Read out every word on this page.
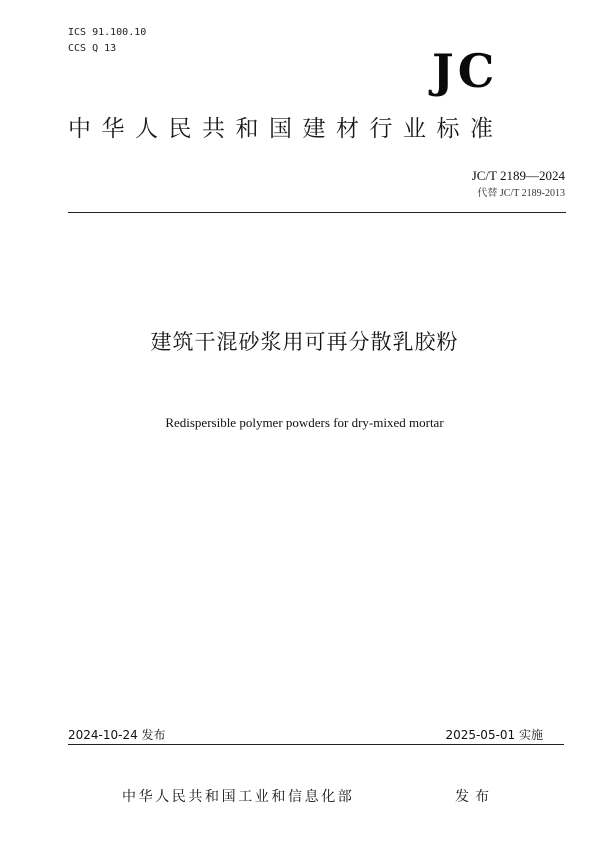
ICS 91.100.10
CCS Q 13	JC
中华人民共和国建材行业标准
JC/T 2189—2024
代替 JC/T 2189-2013
建筑干混砂浆用可再分散乳胶粉
Redispersible polymer powders for dry-mixed mortar
2024-10-24 发布	2025-05-01 实施
中华人民共和国工业和信息化部	发布
